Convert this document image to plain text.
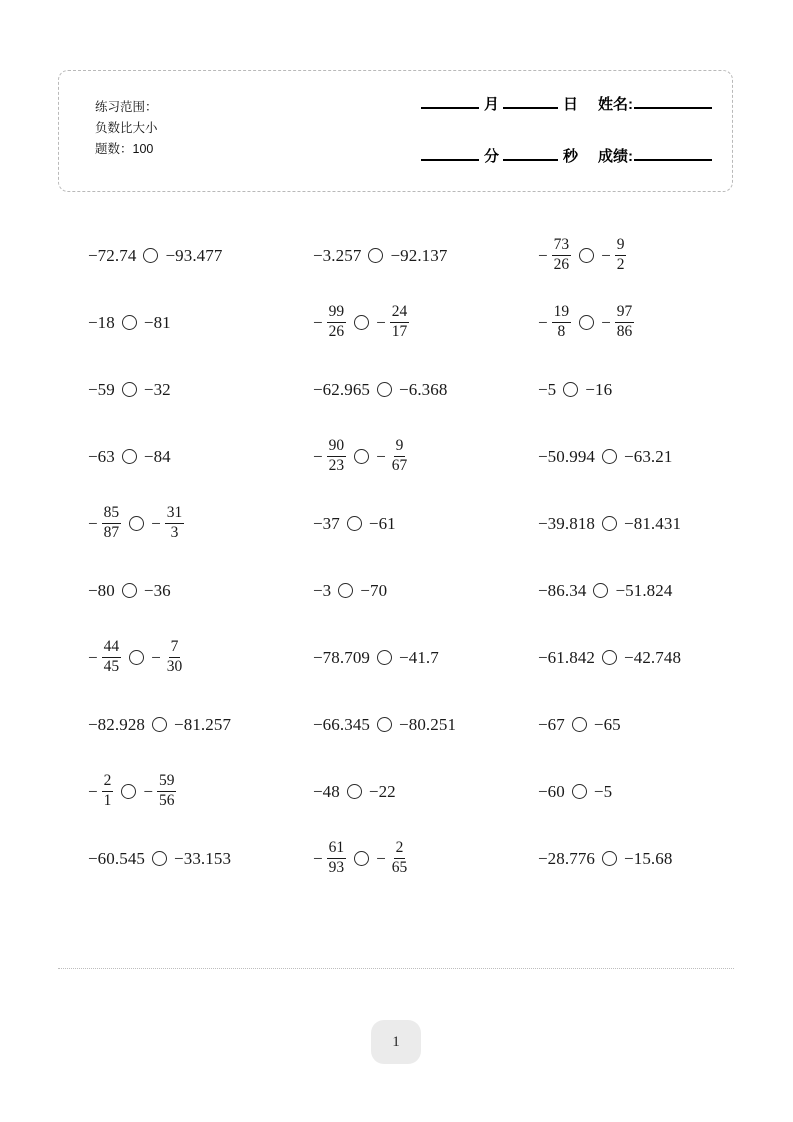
练习范围：
负数比大小
题数：100
月	日	姓名:
分	秒	成绩:
−72.74 −93.477	−3.257 −92.137	− $\frac{73}{26} - \frac{9}{2}$
−18 −81	− $\frac{99}{26} - \frac{24}{17}$	− $\frac{19}{8} - \frac{97}{86}$
−59 −32	−62.965 −6.368	−5 −16
−63 −84	− $\frac{90}{23} - \frac{9}{67}$	−50.994 −63.21
− $\frac{85}{87} - \frac{31}{3}$	−37 −61	−39.818 −81.431
−80 −36	−3 −70	−86.34 −51.824
− $\frac{44}{45} - \frac{7}{30}$	−78.709 −41.7	−61.842 −42.748
−82.928 −81.257	−66.345 −80.251	−67 −65
− $\frac{2}{1} - \frac{59}{56}$	−48 −22	−60 −5
−60.545 −33.153	− $\frac{61}{93} - \frac{2}{65}$	−28.776 −15.68
1
